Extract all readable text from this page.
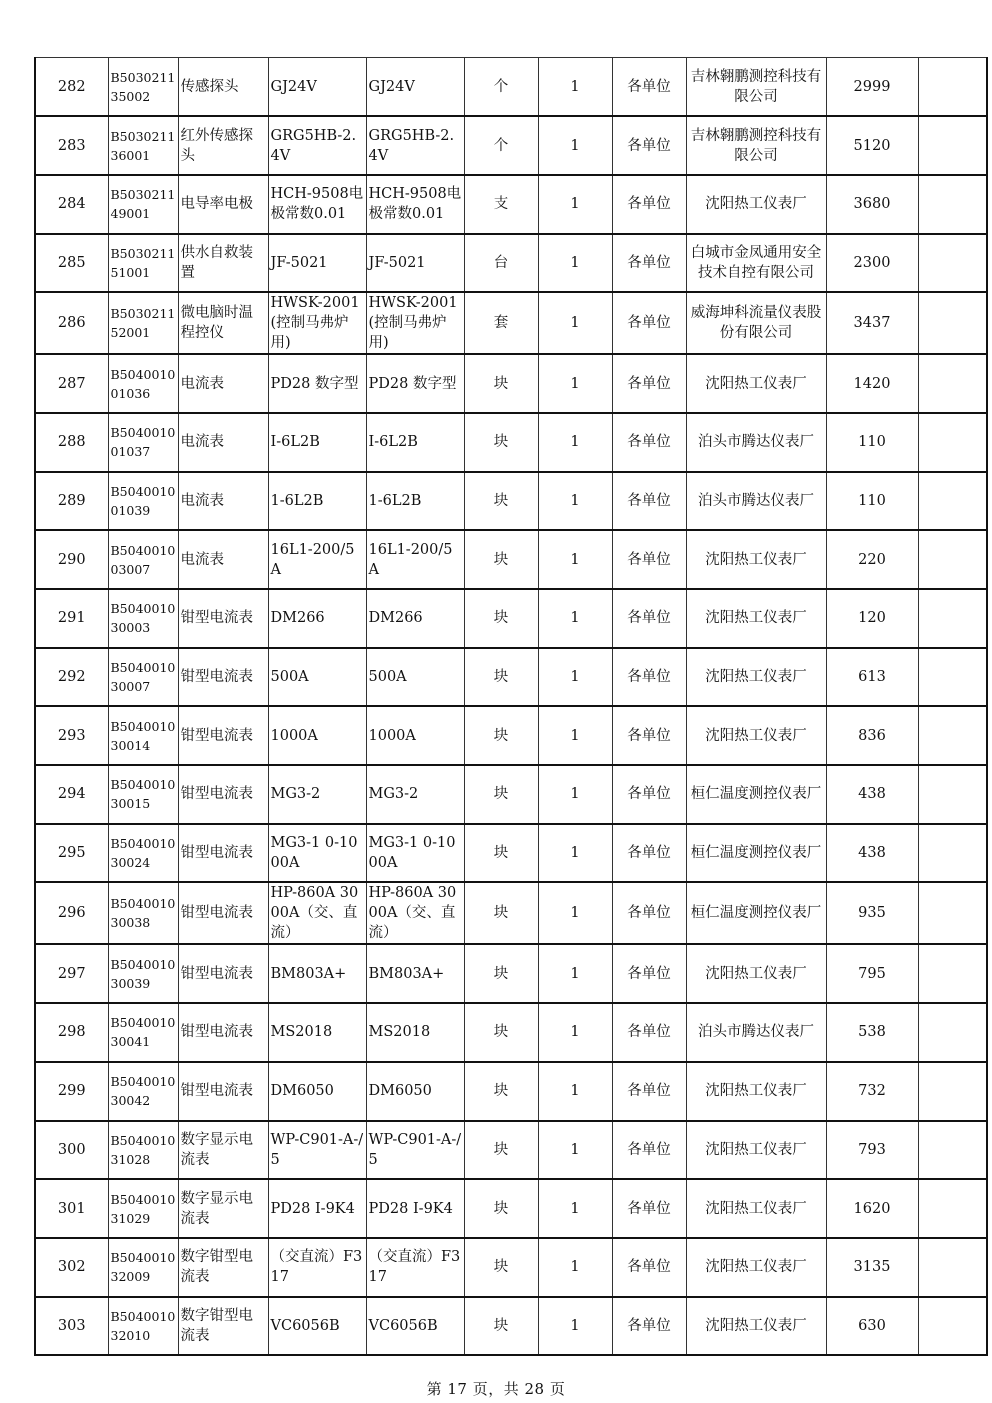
282	B503021135002	传感探头	GJ24V	GJ24V	个	1	各单位	吉林翱鹏测控科技有限公司	2999	
283	B503021136001	红外传感探头	GRG5HB-2.4V	GRG5HB-2.4V	个	1	各单位	吉林翱鹏测控科技有限公司	5120	
284	B503021149001	电导率电极	HCH-9508电极常数0.01	HCH-9508电极常数0.01	支	1	各单位	沈阳热工仪表厂	3680	
285	B503021151001	供水自救装置	JF-5021	JF-5021	台	1	各单位	白城市金凤通用安全技术自控有限公司	2300	
286	B503021152001	微电脑时温程控仪	HWSK-2001(控制马弗炉用)	HWSK-2001(控制马弗炉用)	套	1	各单位	威海坤科流量仪表股份有限公司	3437	
287	B504001001036	电流表	PD28 数字型	PD28 数字型	块	1	各单位	沈阳热工仪表厂	1420	
288	B504001001037	电流表	I-6L2B	I-6L2B	块	1	各单位	泊头市腾达仪表厂	110	
289	B504001001039	电流表	1-6L2B	1-6L2B	块	1	各单位	泊头市腾达仪表厂	110	
290	B504001003007	电流表	16L1-200/5A	16L1-200/5A	块	1	各单位	沈阳热工仪表厂	220	
291	B504001030003	钳型电流表	DM266	DM266	块	1	各单位	沈阳热工仪表厂	120	
292	B504001030007	钳型电流表	500A	500A	块	1	各单位	沈阳热工仪表厂	613	
293	B504001030014	钳型电流表	1000A	1000A	块	1	各单位	沈阳热工仪表厂	836	
294	B504001030015	钳型电流表	MG3-2	MG3-2	块	1	各单位	桓仁温度测控仪表厂	438	
295	B504001030024	钳型电流表	MG3-1 0-1000A	MG3-1 0-1000A	块	1	各单位	桓仁温度测控仪表厂	438	
296	B504001030038	钳型电流表	HP-860A 3000A（交、直流）	HP-860A 3000A（交、直流）	块	1	各单位	桓仁温度测控仪表厂	935	
297	B504001030039	钳型电流表	BM803A+	BM803A+	块	1	各单位	沈阳热工仪表厂	795	
298	B504001030041	钳型电流表	MS2018	MS2018	块	1	各单位	泊头市腾达仪表厂	538	
299	B504001030042	钳型电流表	DM6050	DM6050	块	1	各单位	沈阳热工仪表厂	732	
300	B504001031028	数字显示电流表	WP-C901-A-/5	WP-C901-A-/5	块	1	各单位	沈阳热工仪表厂	793	
301	B504001031029	数字显示电流表	PD28 I-9K4	PD28 I-9K4	块	1	各单位	沈阳热工仪表厂	1620	
302	B504001032009	数字钳型电流表	（交直流）F317	（交直流）F317	块	1	各单位	沈阳热工仪表厂	3135	
303	B504001032010	数字钳型电流表	VC6056B	VC6056B	块	1	各单位	沈阳热工仪表厂	630	
第 17 页，共 28 页
